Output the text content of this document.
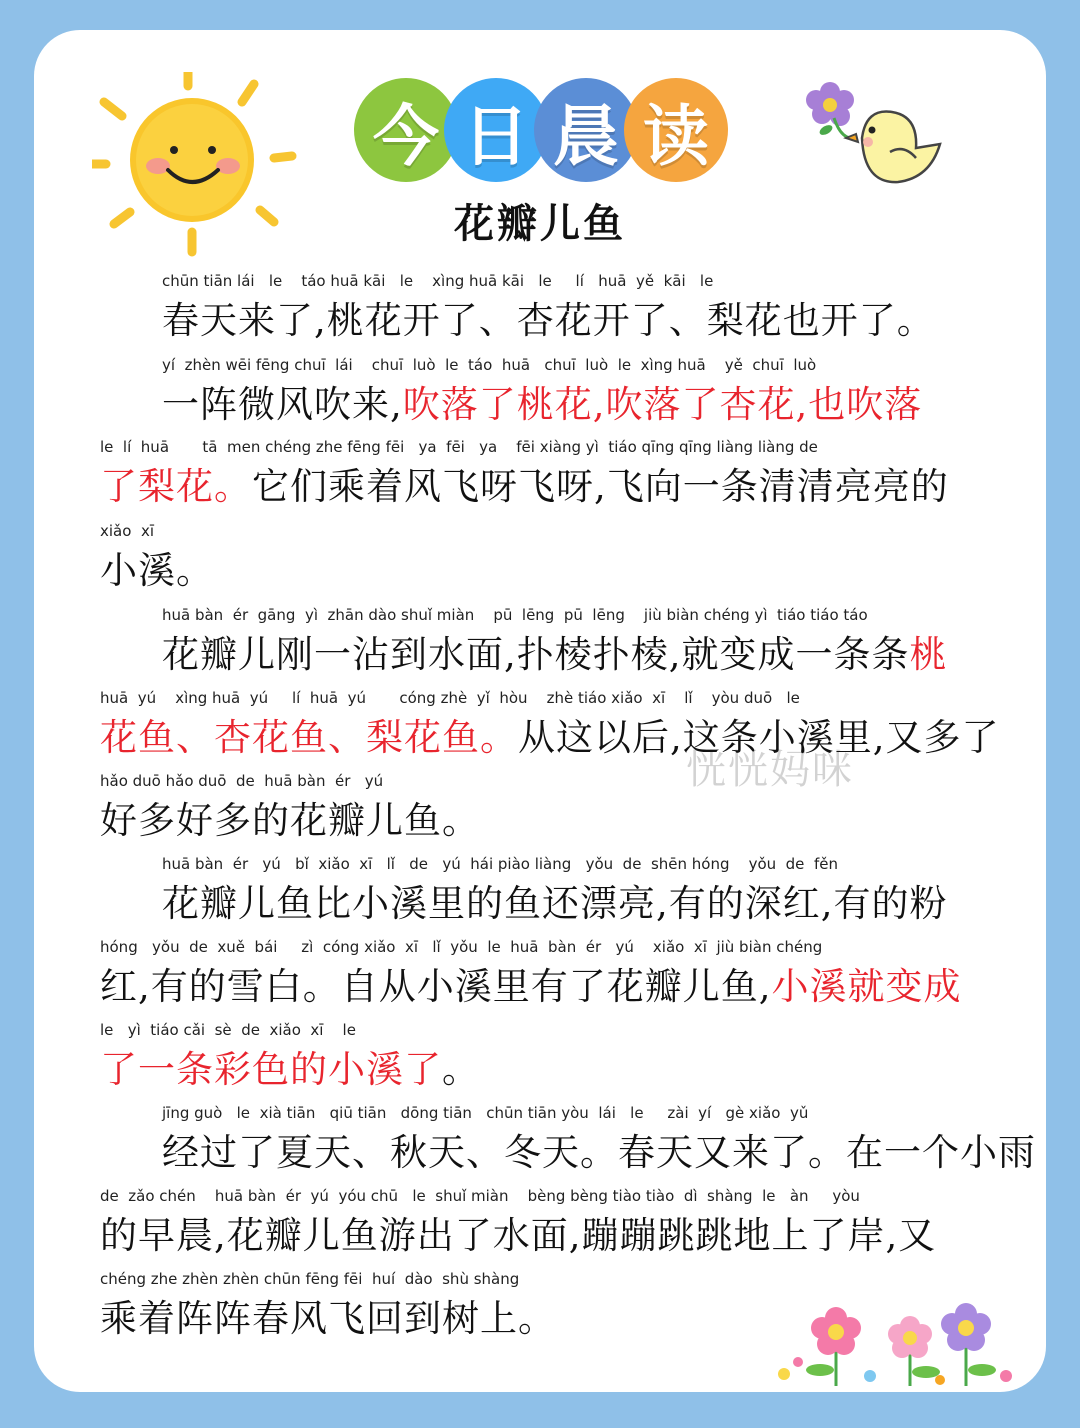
今 日 晨 读
花瓣儿鱼
恍恍妈咪
chūn tiān lái   le    táo huā kāi   le    xìng huā kāi   le     lí   huā  yě  kāi   le
春天来了,桃花开了、杏花开了、梨花也开了。
yí  zhèn wēi fēng chuī  lái    chuī  luò  le  táo  huā   chuī  luò  le  xìng huā    yě  chuī  luò
一阵微风吹来,吹落了桃花,吹落了杏花,也吹落
le  lí  huā       tā  men chéng zhe fēng fēi   ya  fēi   ya    fēi xiàng yì  tiáo qīng qīng liàng liàng de
了梨花。它们乘着风飞呀飞呀,飞向一条清清亮亮的
xiǎo  xī
小溪。
huā bàn  ér  gāng  yì  zhān dào shuǐ miàn    pū  lēng  pū  lēng    jiù biàn chéng yì  tiáo tiáo táo
花瓣儿刚一沾到水面,扑棱扑棱,就变成一条条桃
huā  yú    xìng huā  yú     lí  huā  yú       cóng zhè  yǐ  hòu    zhè tiáo xiǎo  xī    lǐ    yòu duō   le
花鱼、杏花鱼、梨花鱼。从这以后,这条小溪里,又多了
hǎo duō hǎo duō  de  huā bàn  ér   yú
好多好多的花瓣儿鱼。
huā bàn  ér   yú   bǐ  xiǎo  xī   lǐ   de   yú  hái piào liàng   yǒu  de  shēn hóng    yǒu  de  fěn
花瓣儿鱼比小溪里的鱼还漂亮,有的深红,有的粉
hóng   yǒu  de  xuě  bái     zì  cóng xiǎo  xī   lǐ  yǒu  le  huā  bàn  ér   yú    xiǎo  xī  jiù biàn chéng
红,有的雪白。自从小溪里有了花瓣儿鱼,小溪就变成
le   yì  tiáo cǎi  sè  de  xiǎo  xī    le
了一条彩色的小溪了。
jīng guò   le  xià tiān   qiū tiān   dōng tiān   chūn tiān yòu  lái   le     zài  yí   gè xiǎo  yǔ
经过了夏天、秋天、冬天。春天又来了。在一个小雨
de  zǎo chén    huā bàn  ér  yú  yóu chū   le  shuǐ miàn    bèng bèng tiào tiào  dì  shàng  le   àn     yòu
的早晨,花瓣儿鱼游出了水面,蹦蹦跳跳地上了岸,又
chéng zhe zhèn zhèn chūn fēng fēi  huí  dào  shù shàng
乘着阵阵春风飞回到树上。
